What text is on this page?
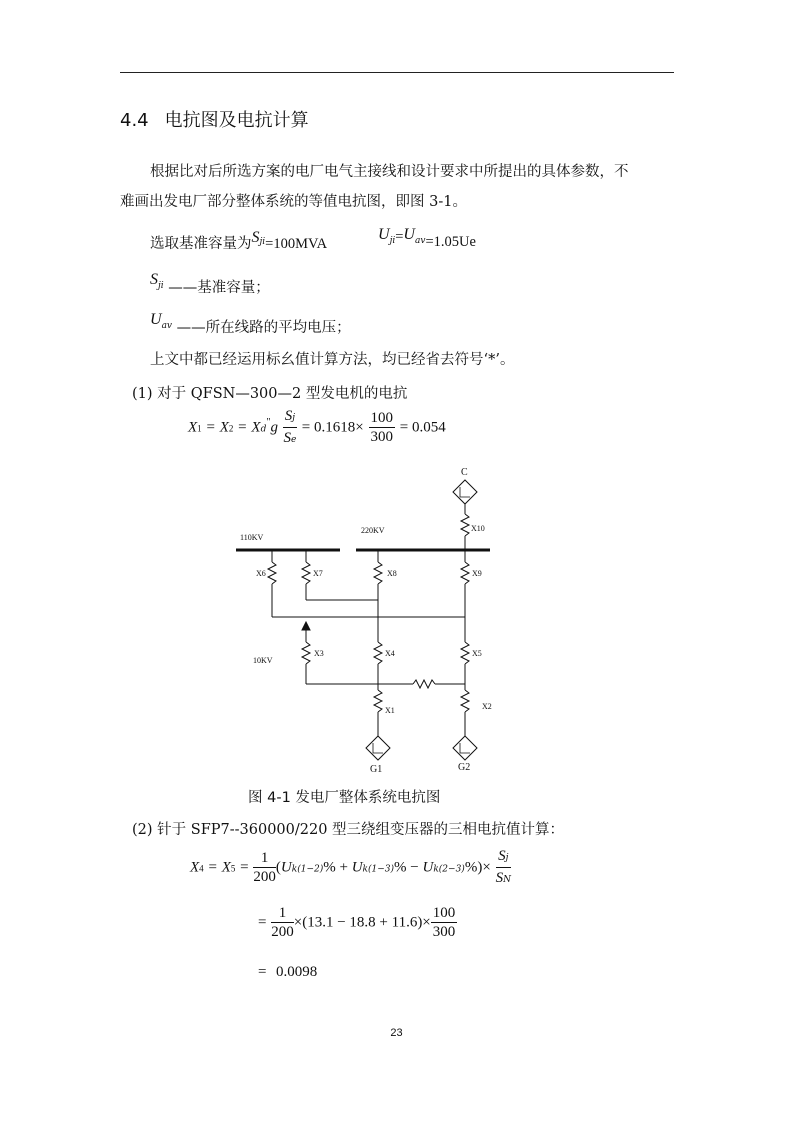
4.4 电抗图及电抗计算
根据比对后所选方案的电厂电气主接线和设计要求中所提出的具体参数，不
难画出发电厂部分整体系统的等值电抗图，即图 3-1。
选取基准容量为$S^{ji}=100MVA$
$U_{ji}=U_{av}=1.05Ue$
$S_{ji}$ ——基准容量；
$U_{av}$ ——所在线路的平均电压；
上文中都已经运用标幺值计算方法，均已经省去符号‘*’。
(1) 对于 QFSN—300—2 型发电机的电抗
$X1 = X2 = Xd^"g \frac{Sj}{Se} = 0.1618\times \frac{100}{300} = 0.054$
C
110KV
220KV
10KV
X10
X6	X7	X8	X9
X3	X4	X5
X1	X2
G1	G2
图 4-1 发电厂整体系统电抗图
(2) 针于 SFP7--360000/220 型三绕组变压器的三相电抗值计算：
$X4 = X5 = \frac{1}{200} (Uk(1-2)\% + Uk(1-3)\% - Uk(2-3)\%)\times \frac{Sj}{SN}$
= $\frac{1}{200} \times(13.1 - 18.8 + 11.6)\times \frac{100}{300}$
= 0.0098
23
